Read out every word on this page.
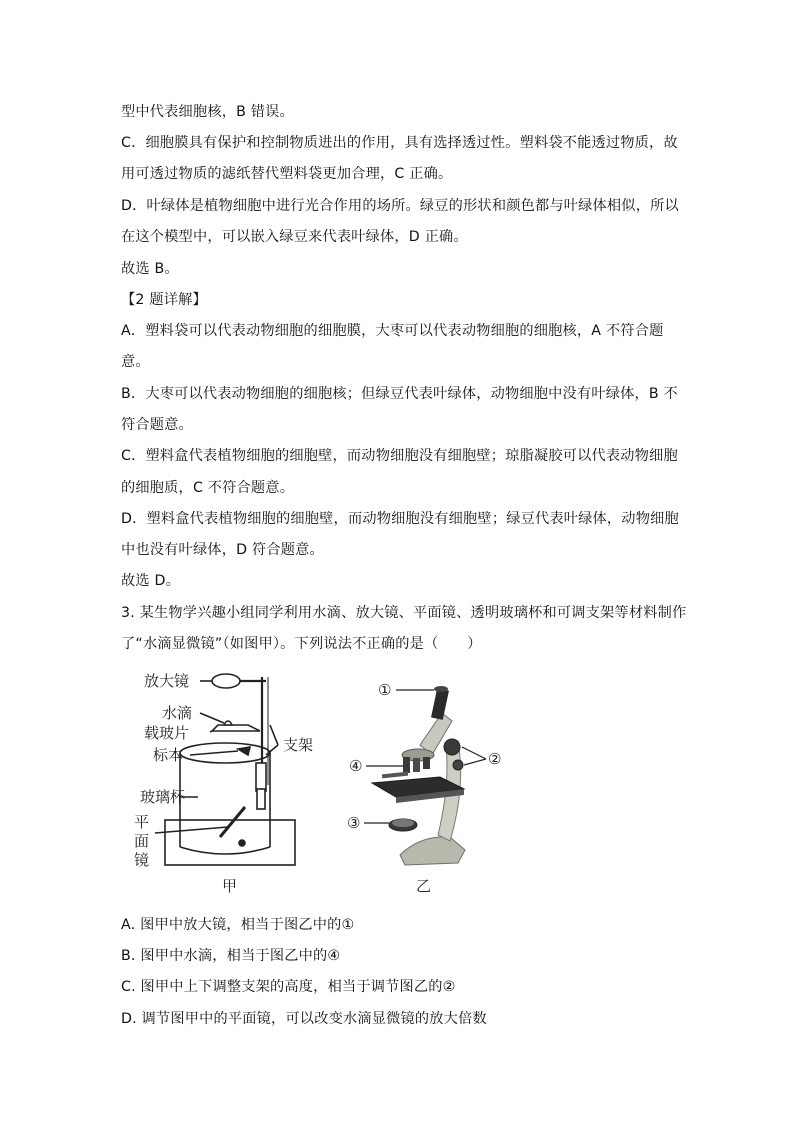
型中代表细胞核，B 错误。
C．细胞膜具有保护和控制物质进出的作用，具有选择透过性。塑料袋不能透过物质，故
用可透过物质的滤纸替代塑料袋更加合理，C 正确。
D．叶绿体是植物细胞中进行光合作用的场所。绿豆的形状和颜色都与叶绿体相似，所以
在这个模型中，可以嵌入绿豆来代表叶绿体，D 正确。
故选 B。
【2 题详解】
A．塑料袋可以代表动物细胞的细胞膜，大枣可以代表动物细胞的细胞核，A 不符合题
意。
B．大枣可以代表动物细胞的细胞核；但绿豆代表叶绿体，动物细胞中没有叶绿体，B 不
符合题意。
C．塑料盒代表植物细胞的细胞壁，而动物细胞没有细胞壁；琼脂凝胶可以代表动物细胞
的细胞质，C 不符合题意。
D．塑料盒代表植物细胞的细胞壁，而动物细胞没有细胞壁；绿豆代表叶绿体，动物细胞
中也没有叶绿体，D 符合题意。
故选 D。
3. 某生物学兴趣小组同学利用水滴、放大镜、平面镜、透明玻璃杯和可调支架等材料制作
了“水滴显微镜”（如图甲）。下列说法不正确的是（　　）
放大镜
水滴
载玻片
标本
支架
玻璃杯
平
面
镜
甲
①
②
③
④
乙
A. 图甲中放大镜，相当于图乙中的①
B. 图甲中水滴，相当于图乙中的④
C. 图甲中上下调整支架的高度，相当于调节图乙的②
D. 调节图甲中的平面镜，可以改变水滴显微镜的放大倍数
